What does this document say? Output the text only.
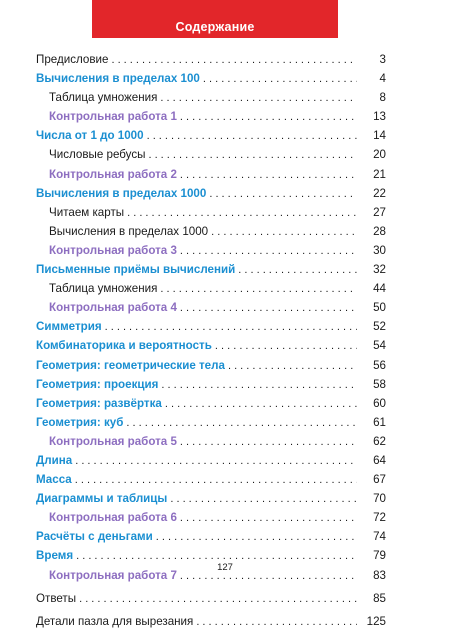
Содержание
Предисловие . . .	3
Вычисления в пределах 100 . . .	4
Таблица умножения . . .	8
Контрольная работа 1 . . .	13
Числа от 1 до 1000 . . .	14
Числовые ребусы . . .	20
Контрольная работа 2 . . .	21
Вычисления в пределах 1000 . . .	22
Читаем карты . . .	27
Вычисления в пределах 1000 . . .	28
Контрольная работа 3 . . .	30
Письменные приёмы вычислений . . .	32
Таблица умножения . . .	44
Контрольная работа 4 . . .	50
Симметрия . . .	52
Комбинаторика и вероятность . . .	54
Геометрия: геометрические тела . . .	56
Геометрия: проекция . . .	58
Геометрия: развёртка . . .	60
Геометрия: куб . . .	61
Контрольная работа 5 . . .	62
Длина . . .	64
Масса . . .	67
Диаграммы и таблицы . . .	70
Контрольная работа 6 . . .	72
Расчёты с деньгами . . .	74
Время . . .	79
Контрольная работа 7 . . .	83
Ответы . . .	85
Детали пазла для вырезания . . .	125
127
